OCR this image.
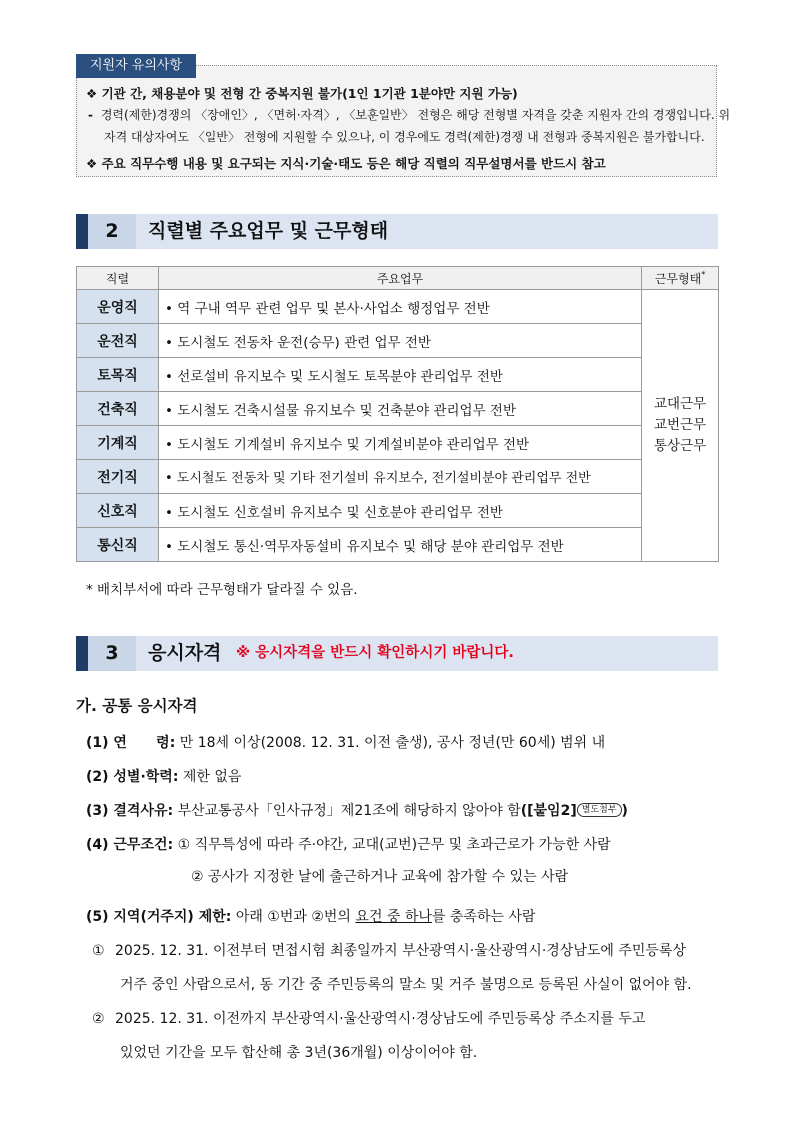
지원자 유의사항
❖ 기관 간, 채용분야 및 전형 간 중복지원 불가(1인 1기관 1분야만 지원 가능)
- 경력(제한)경쟁의 〈장애인〉, 〈면허·자격〉, 〈보훈일반〉 전형은 해당 전형별 자격을 갖춘 지원자 간의 경쟁입니다. 위
자격 대상자여도 〈일반〉 전형에 지원할 수 있으나, 이 경우에도 경력(제한)경쟁 내 전형과 중복지원은 불가합니다.
❖ 주요 직무수행 내용 및 요구되는 지식·기술·태도 등은 해당 직렬의 직무설명서를 반드시 참고
2	직렬별 주요업무 및 근무형태
직렬	주요업무	근무형태*
운영직	• 역 구내 역무 관련 업무 및 본사·사업소 행정업무 전반	교대근무
교번근무
통상근무

운전직	• 도시철도 전동차 운전(승무) 관련 업무 전반	
토목직	• 선로설비 유지보수 및 도시철도 토목분야 관리업무 전반	
건축직	• 도시철도 건축시설물 유지보수 및 건축분야 관리업무 전반	
기계직	• 도시철도 기계설비 유지보수 및 기계설비분야 관리업무 전반	
전기직	• 도시철도 전동차 및 기타 전기설비 유지보수, 전기설비분야 관리업무 전반	
신호직	• 도시철도 신호설비 유지보수 및 신호분야 관리업무 전반	
통신직	• 도시철도 통신·역무자동설비 유지보수 및 해당 분야 관리업무 전반	
* 배치부서에 따라 근무형태가 달라질 수 있음.
3	응시자격 ※ 응시자격을 반드시 확인하시기 바랍니다.
가. 공통 응시자격
(1) 연      령: 만 18세 이상(2008. 12. 31. 이전 출생), 공사 정년(만 60세) 범위 내
(2) 성별·학력: 제한 없음
(3) 결격사유: 부산교통공사「인사규정」제21조에 해당하지 않아야 함([붙임2] 별도첨부 )
(4) 근무조건: ① 직무특성에 따라 주·야간, 교대(교번)근무 및 초과근로가 가능한 사람
② 공사가 지정한 날에 출근하거나 교육에 참가할 수 있는 사람
(5) 지역(거주지) 제한: 아래 ①번과 ②번의 요건 중 하나를 충족하는 사람
① 2025. 12. 31. 이전부터 면접시험 최종일까지 부산광역시·울산광역시·경상남도에 주민등록상
거주 중인 사람으로서, 동 기간 중 주민등록의 말소 및 거주 불명으로 등록된 사실이 없어야 함.
② 2025. 12. 31. 이전까지 부산광역시·울산광역시·경상남도에 주민등록상 주소지를 두고
있었던 기간을 모두 합산해 총 3년(36개월) 이상이어야 함.
